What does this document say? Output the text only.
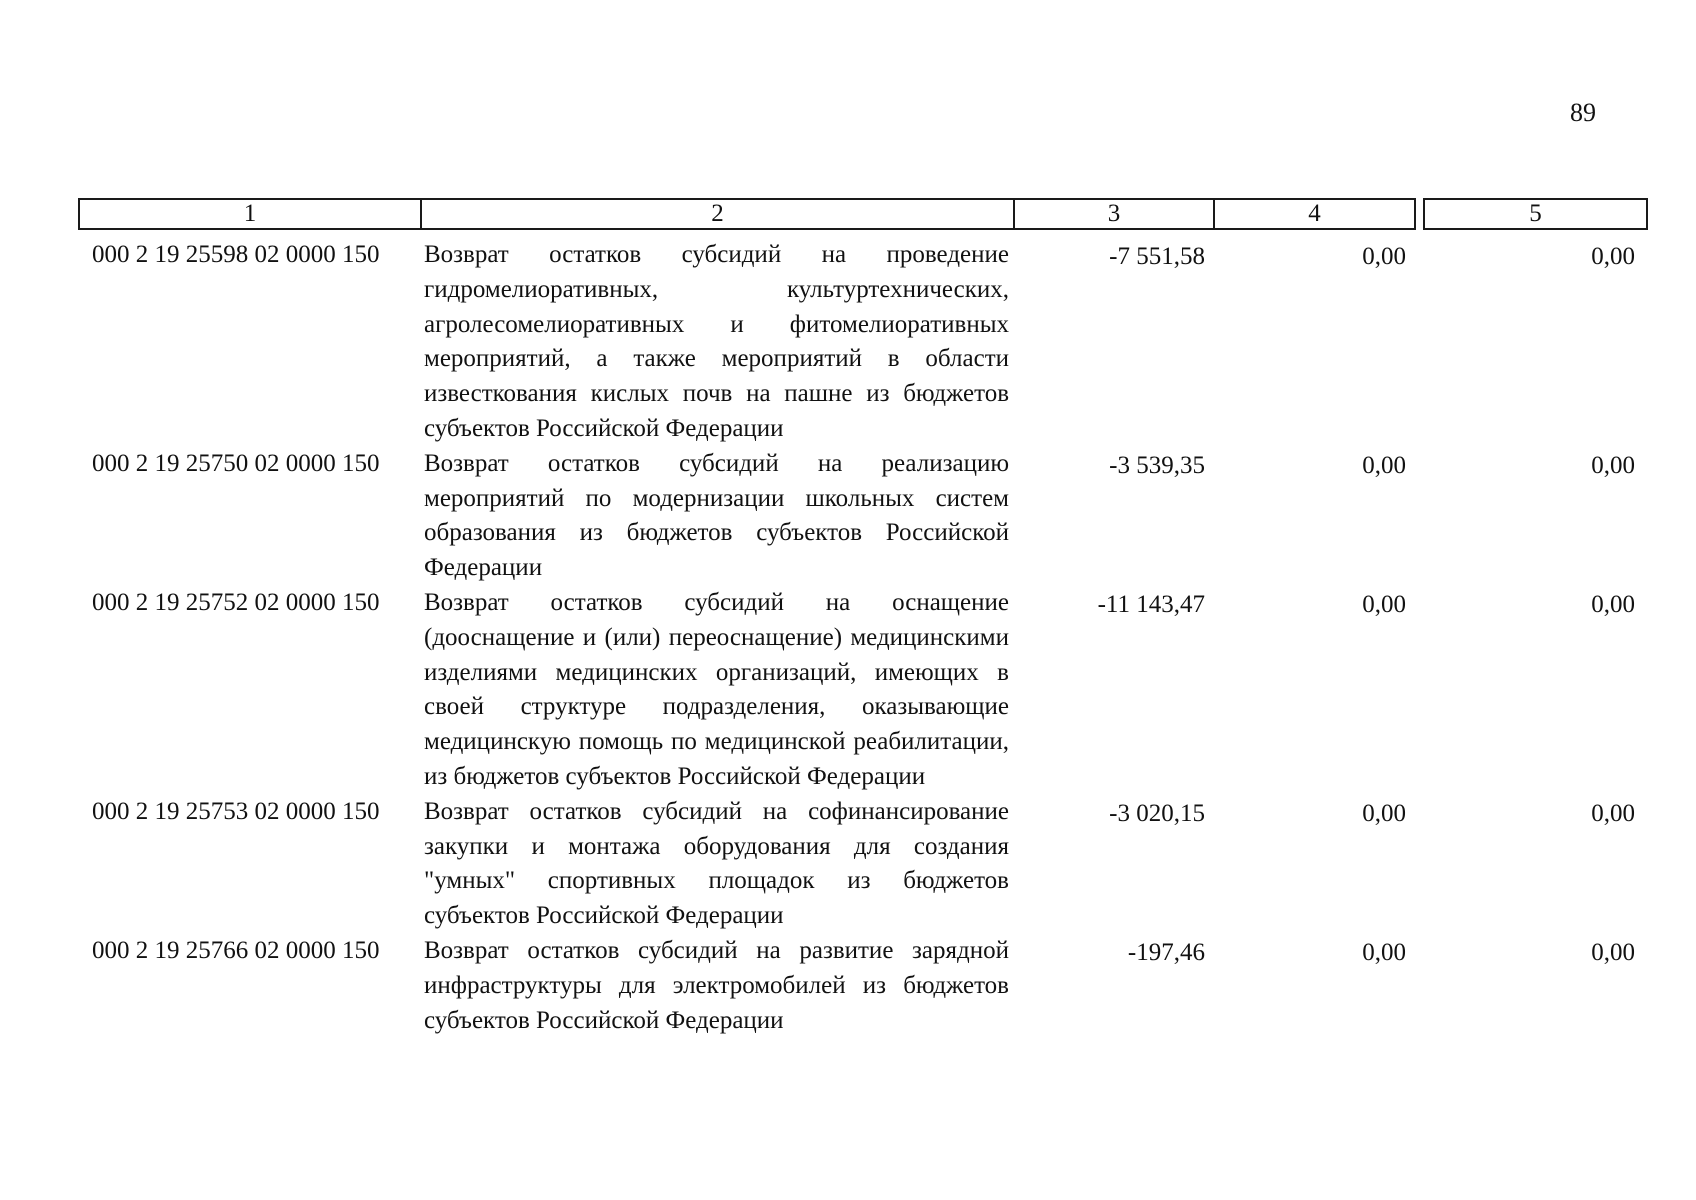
89
1	2	3	4	5
000 2 19 25598 02 0000 150	Возврат остатков субсидий на проведение гидромелиоративных, культуртехнических, агролесомелиоративных и фитомелиоративных мероприятий, а также мероприятий в области известкования кислых почв на пашне из бюджетов субъектов Российской Федерации
-7 551,58	0,00	0,00
000 2 19 25750 02 0000 150	Возврат остатков субсидий на реализацию мероприятий по модернизации школьных систем образования из бюджетов субъектов Российской Федерации
-3 539,35	0,00	0,00
000 2 19 25752 02 0000 150	Возврат остатков субсидий на оснащение (дооснащение и (или) переоснащение) медицинскими изделиями медицинских организаций, имеющих в своей структуре подразделения, оказывающие медицинскую помощь по медицинской реабилитации, из бюджетов субъектов Российской Федерации
-11 143,47	0,00	0,00
000 2 19 25753 02 0000 150	Возврат остатков субсидий на софинансирование закупки и монтажа оборудования для создания "умных" спортивных площадок из бюджетов субъектов Российской Федерации
-3 020,15	0,00	0,00
000 2 19 25766 02 0000 150	Возврат остатков субсидий на развитие зарядной инфраструктуры для электромобилей из бюджетов субъектов Российской Федерации
-197,46	0,00	0,00
